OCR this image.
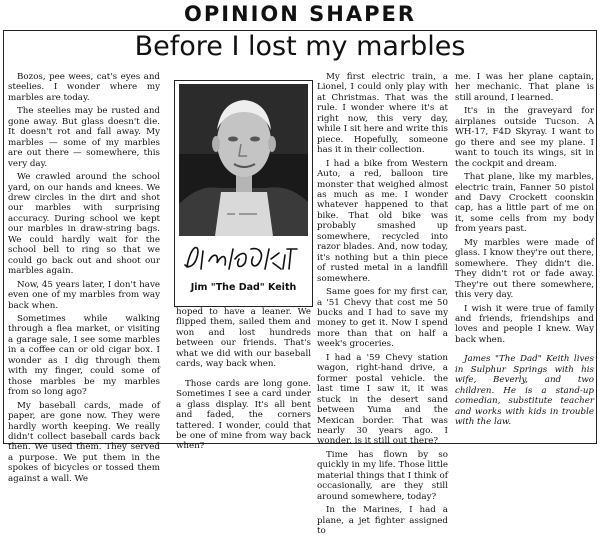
OPINION SHAPER
Before I lost my marbles

Bozos, pee wees, cat's eyes and steelies. I wonder where my marbles are today.

The steelies may be rusted and gone away. But glass doesn't die. It doesn't rot and fall away. My marbles — some of my marbles are out there — somewhere, this very day.

We crawled around the school yard, on our hands and knees. We drew circles in the dirt and shot our marbles with surprising accuracy. During school we kept our marbles in draw-string bags. We could hardly wait for the school bell to ring so that we could go back out and shoot our marbles again.

Now, 45 years later, I don't have even one of my marbles from way back when.

Sometimes while walking through a flea market, or visiting a garage sale, I see some marbles in a coffee can or old cigar box. I wonder as I dig through them with my finger, could some of those marbles be my marbles from so long ago?

My baseball cards, made of paper, are gone now. They were hardly worth keeping. We really didn't collect baseball cards back then. We used them. They served a purpose. We put them in the spokes of bicycles or tossed them against a wall. We

Jim "The Dad" Keith

hoped to have a leaner. We flipped them, sailed them and won and lost hundreds between our friends. That's what we did with our baseball cards, way back when.

Those cards are long gone. Sometimes I see a card under a glass display. It's all bent and faded, the corners tattered. I wonder, could that be one of mine from way back when?

My first electric train, a Lionel, I could only play with at Christmas. That was the rule. I wonder where it's at right now, this very day, while I sit here and write this piece. Hopefully, someone has it in their collection.

I had a bike from Western Auto, a red, balloon tire monster that weighed almost as much as me. I wonder whatever happened to that bike. That old bike was probably smashed up somewhere, recycled into razor blades. And, now today, it's nothing but a thin piece of rusted metal in a landfill somewhere.

Same goes for my first car, a '51 Chevy that cost me 50 bucks and I had to save my money to get it. Now I spend more than that on half a week's groceries.

I had a '59 Chevy station wagon, right-hand drive, a former postal vehicle. the last time I saw it, it was stuck in the desert sand between Yuma and the Mexican border. That was nearly 30 years ago. I wonder, is it still out there?

Time has flown by so quickly in my life. Those little material things that I think of occasionally, are they still around somewhere, today?

In the Marines, I had a plane, a jet fighter assigned to

me. I was her plane captain, her mechanic. That plane is still around, I learned.

It's in the graveyard for airplanes outside Tucson. A WH-17, F4D Skyray. I want to go there and see my plane. I want to touch its wings, sit in the cockpit and dream.

That plane, like my marbles, electric train, Fanner 50 pistol and Davy Crockett coonskin cap, has a little part of me on it, some cells from my body from years past.

My marbles were made of glass. I know they're out there, somewhere. They didn't die. They didn't rot or fade away. They're out there somewhere, this very day.

I wish it were true of family and friends, friendships and loves and people I knew. Way back when.

James "The Dad" Keith lives in Sulphur Springs with his wife, Beverly, and two children. He is a stand-up comedian, substitute teacher and works with kids in trouble with the law.
